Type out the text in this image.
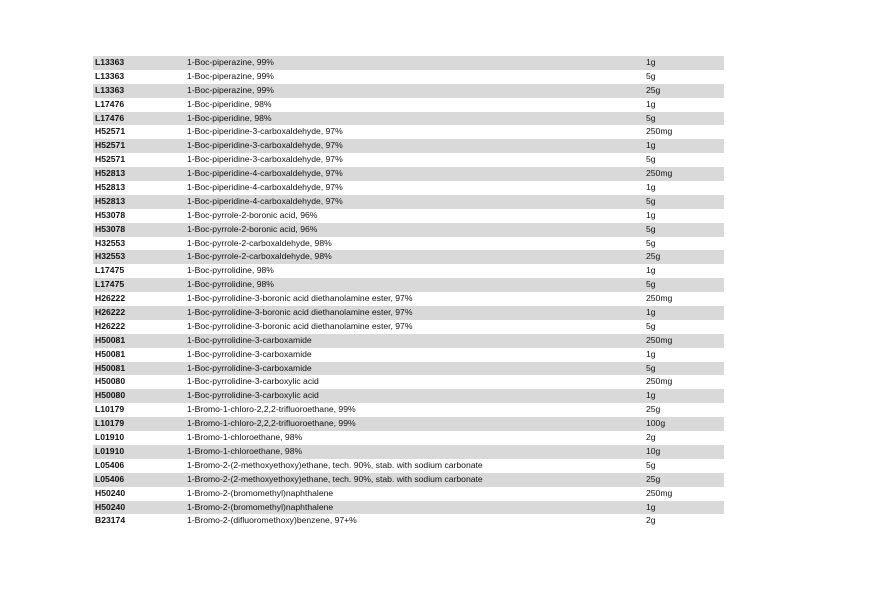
L13363	1-Boc-piperazine, 99%	1g
L13363	1-Boc-piperazine, 99%	5g
L13363	1-Boc-piperazine, 99%	25g
L17476	1-Boc-piperidine, 98%	1g
L17476	1-Boc-piperidine, 98%	5g
H52571	1-Boc-piperidine-3-carboxaldehyde, 97%	250mg
H52571	1-Boc-piperidine-3-carboxaldehyde, 97%	1g
H52571	1-Boc-piperidine-3-carboxaldehyde, 97%	5g
H52813	1-Boc-piperidine-4-carboxaldehyde, 97%	250mg
H52813	1-Boc-piperidine-4-carboxaldehyde, 97%	1g
H52813	1-Boc-piperidine-4-carboxaldehyde, 97%	5g
H53078	1-Boc-pyrrole-2-boronic acid, 96%	1g
H53078	1-Boc-pyrrole-2-boronic acid, 96%	5g
H32553	1-Boc-pyrrole-2-carboxaldehyde, 98%	5g
H32553	1-Boc-pyrrole-2-carboxaldehyde, 98%	25g
L17475	1-Boc-pyrrolidine, 98%	1g
L17475	1-Boc-pyrrolidine, 98%	5g
H26222	1-Boc-pyrrolidine-3-boronic acid diethanolamine ester, 97%	250mg
H26222	1-Boc-pyrrolidine-3-boronic acid diethanolamine ester, 97%	1g
H26222	1-Boc-pyrrolidine-3-boronic acid diethanolamine ester, 97%	5g
H50081	1-Boc-pyrrolidine-3-carboxamide	250mg
H50081	1-Boc-pyrrolidine-3-carboxamide	1g
H50081	1-Boc-pyrrolidine-3-carboxamide	5g
H50080	1-Boc-pyrrolidine-3-carboxylic acid	250mg
H50080	1-Boc-pyrrolidine-3-carboxylic acid	1g
L10179	1-Bromo-1-chloro-2,2,2-trifluoroethane, 99%	25g
L10179	1-Bromo-1-chloro-2,2,2-trifluoroethane, 99%	100g
L01910	1-Bromo-1-chloroethane, 98%	2g
L01910	1-Bromo-1-chloroethane, 98%	10g
L05406	1-Bromo-2-(2-methoxyethoxy)ethane, tech. 90%, stab. with sodium carbonate	5g
L05406	1-Bromo-2-(2-methoxyethoxy)ethane, tech. 90%, stab. with sodium carbonate	25g
H50240	1-Bromo-2-(bromomethyl)naphthalene	250mg
H50240	1-Bromo-2-(bromomethyl)naphthalene	1g
B23174	1-Bromo-2-(difluoromethoxy)benzene, 97+%	2g
